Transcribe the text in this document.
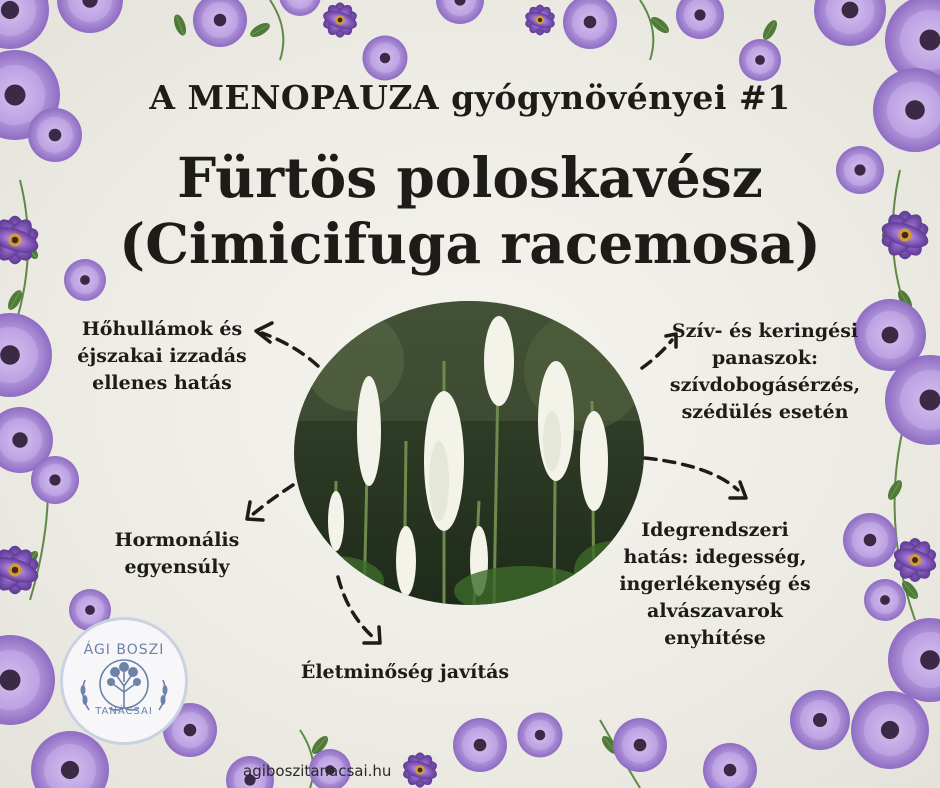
A MENOPAUZA gyógynövényei #1
Fürtös poloskavész
(Cimicifuga racemosa)
Hőhullámok és
éjszakai izzadás
ellenes hatás
Szív- és keringési
panaszok:
szívdobogásérzés,
szédülés esetén
Hormonális
egyensúly
Idegrendszeri
hatás: idegesség,
ingerlékenység és
alvászavarok
enyhítése
Életminőség javítás
ÁGI BOSZI
TANÁCSAI
agiboszitanacsai.hu
